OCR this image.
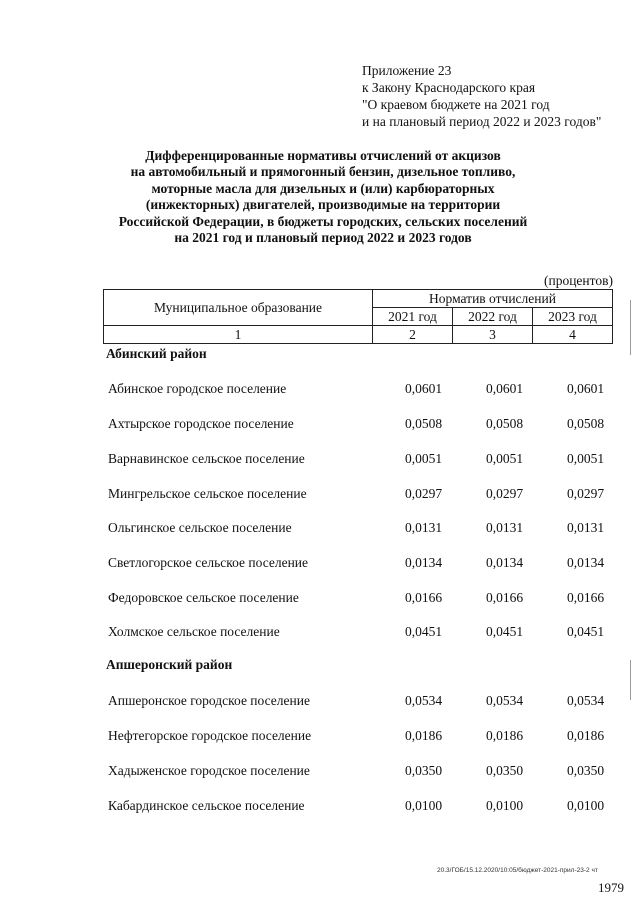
Приложение 23
к Закону Краснодарского края
"О краевом бюджете на 2021 год
и на плановый период 2022 и 2023 годов"
Дифференцированные нормативы отчислений от акцизов
на автомобильный и прямогонный бензин, дизельное топливо,
моторные масла для дизельных и (или) карбюраторных
(инжекторных) двигателей, производимые на территории
Российской Федерации, в бюджеты городских, сельских поселений
на 2021 год и плановый период 2022 и 2023 годов
(процентов)
Муниципальное образование	Норматив отчислений		
	2021 год	2022 год	2023 год
1	2	3	4
Абинский район
Абинское городское поселение	0,0601	0,0601	0,0601
Ахтырское городское поселение	0,0508	0,0508	0,0508
Варнавинское сельское поселение	0,0051	0,0051	0,0051
Мингрельское сельское поселение	0,0297	0,0297	0,0297
Ольгинское сельское поселение	0,0131	0,0131	0,0131
Светлогорское сельское поселение	0,0134	0,0134	0,0134
Федоровское сельское поселение	0,0166	0,0166	0,0166
Холмское сельское поселение	0,0451	0,0451	0,0451
Апшеронский район
Апшеронское городское поселение	0,0534	0,0534	0,0534
Нефтегорское городское поселение	0,0186	0,0186	0,0186
Хадыженское городское поселение	0,0350	0,0350	0,0350
Кабардинское сельское поселение	0,0100	0,0100	0,0100
20.3/ГОБ/15.12.2020/10:05/бюджет-2021-прил-23-2 чт
1979
